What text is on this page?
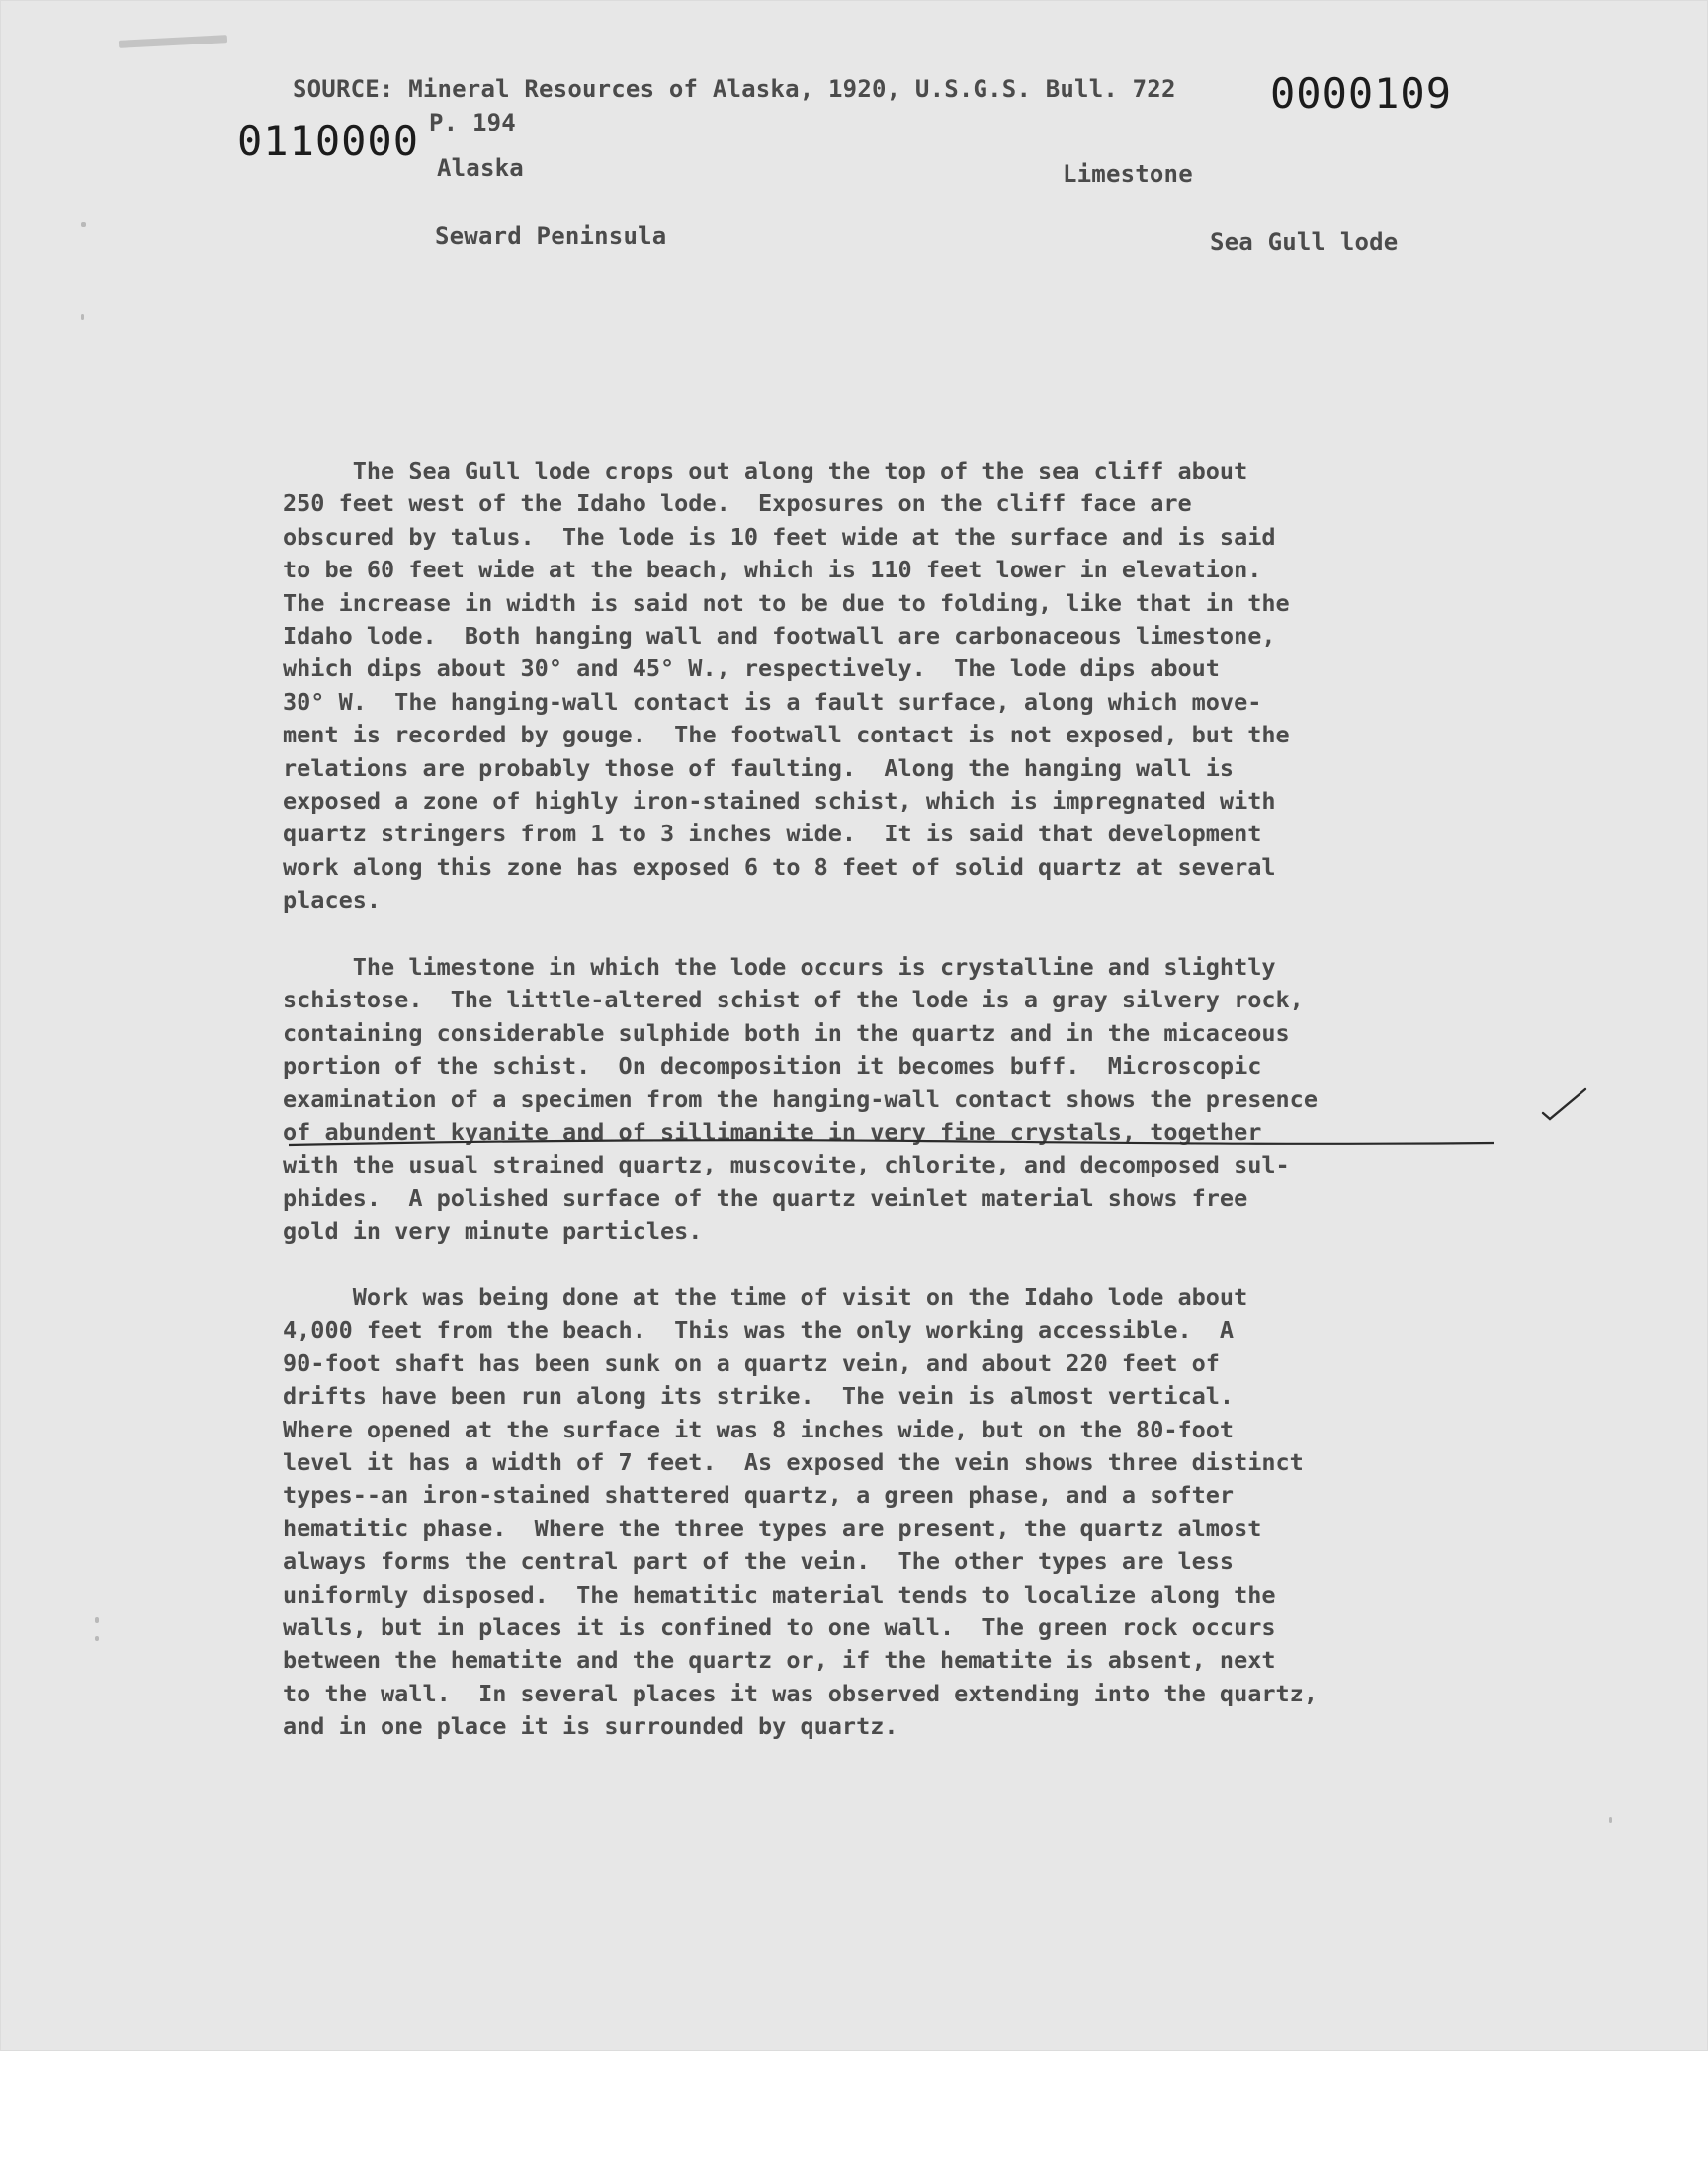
SOURCE: Mineral Resources of Alaska, 1920, U.S.G.S. Bull. 722
P. 194
Alaska	Limestone
Seward Peninsula	Sea Gull lode
0000109
0110000
The Sea Gull lode crops out along the top of the sea cliff about
250 feet west of the Idaho lode.  Exposures on the cliff face are
obscured by talus.  The lode is 10 feet wide at the surface and is said
to be 60 feet wide at the beach, which is 110 feet lower in elevation.
The increase in width is said not to be due to folding, like that in the
Idaho lode.  Both hanging wall and footwall are carbonaceous limestone,
which dips about 30° and 45° W., respectively.  The lode dips about
30° W.  The hanging-wall contact is a fault surface, along which move-
ment is recorded by gouge.  The footwall contact is not exposed, but the
relations are probably those of faulting.  Along the hanging wall is
exposed a zone of highly iron-stained schist, which is impregnated with
quartz stringers from 1 to 3 inches wide.  It is said that development
work along this zone has exposed 6 to 8 feet of solid quartz at several
places.
The limestone in which the lode occurs is crystalline and slightly
schistose.  The little-altered schist of the lode is a gray silvery rock,
containing considerable sulphide both in the quartz and in the micaceous
portion of the schist.  On decomposition it becomes buff.  Microscopic
examination of a specimen from the hanging-wall contact shows the presence
of abundent kyanite and of sillimanite in very fine crystals, together
with the usual strained quartz, muscovite, chlorite, and decomposed sul-
phides.  A polished surface of the quartz veinlet material shows free
gold in very minute particles.
Work was being done at the time of visit on the Idaho lode about
4,000 feet from the beach.  This was the only working accessible.  A
90-foot shaft has been sunk on a quartz vein, and about 220 feet of
drifts have been run along its strike.  The vein is almost vertical.
Where opened at the surface it was 8 inches wide, but on the 80-foot
level it has a width of 7 feet.  As exposed the vein shows three distinct
types--an iron-stained shattered quartz, a green phase, and a softer
hematitic phase.  Where the three types are present, the quartz almost
always forms the central part of the vein.  The other types are less
uniformly disposed.  The hematitic material tends to localize along the
walls, but in places it is confined to one wall.  The green rock occurs
between the hematite and the quartz or, if the hematite is absent, next
to the wall.  In several places it was observed extending into the quartz,
and in one place it is surrounded by quartz.
